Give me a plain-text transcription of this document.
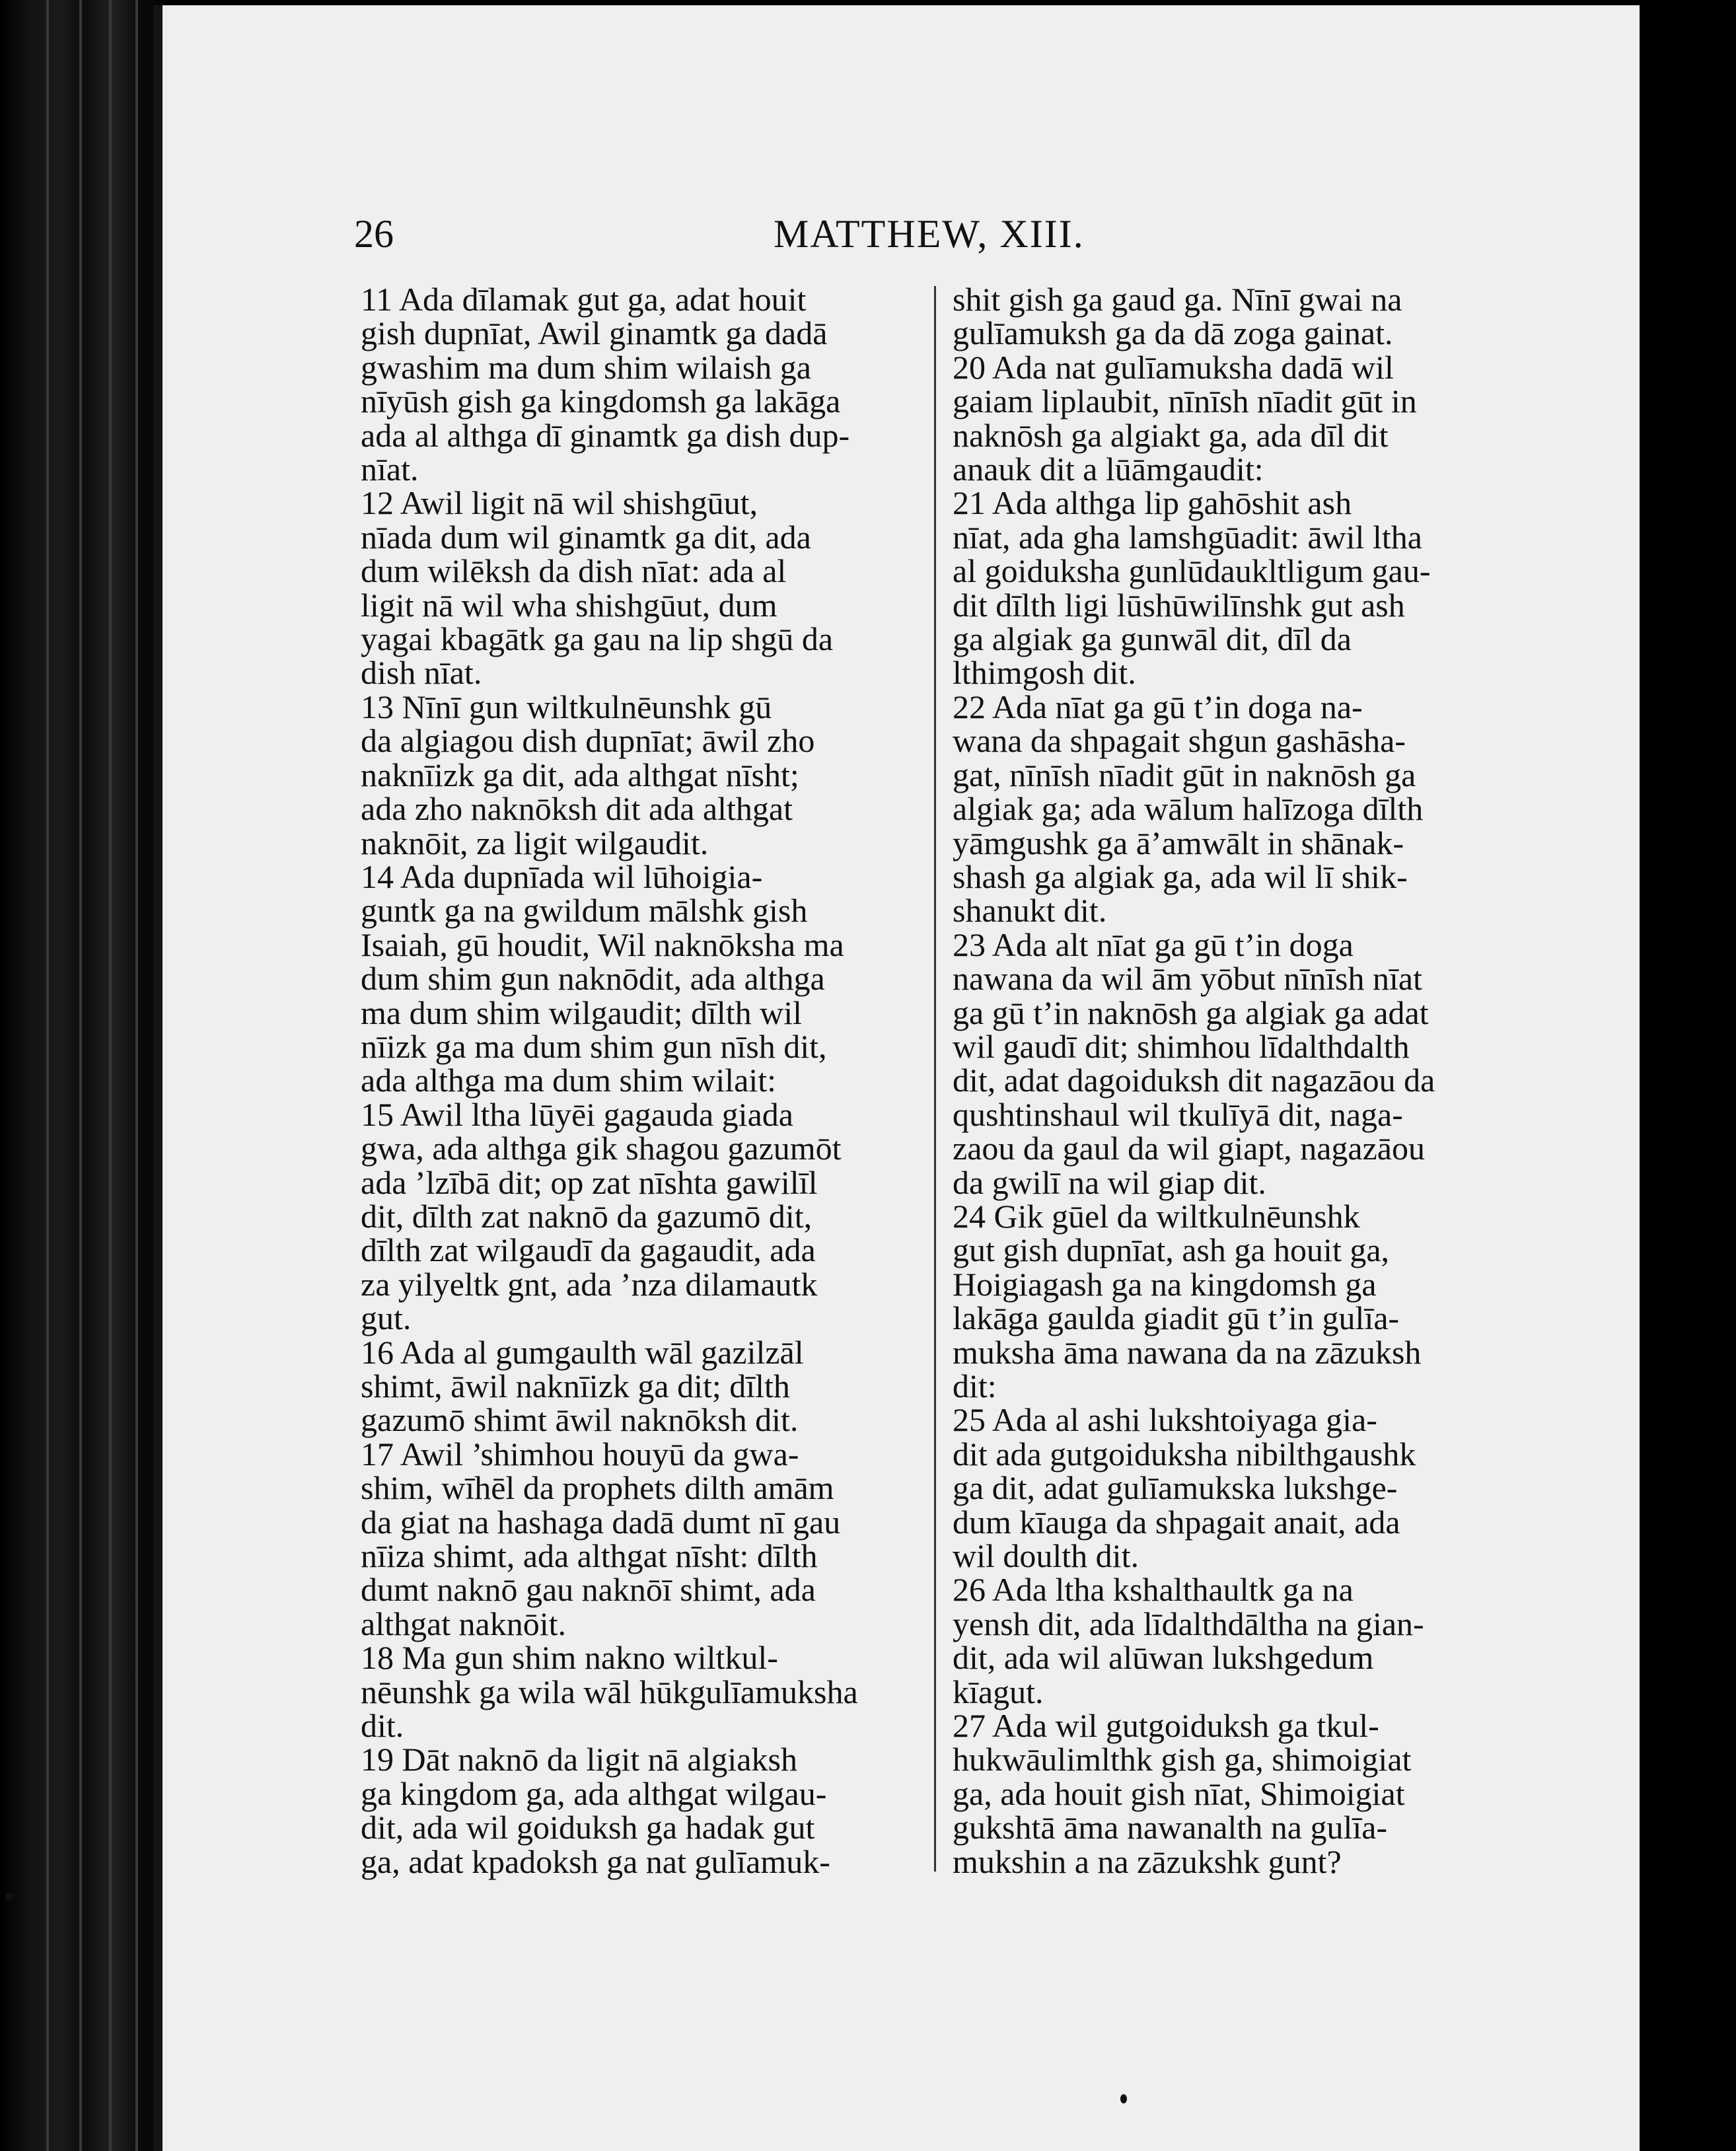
26	MATTHEW, XIII.

11 Ada dīlamak gut ga, adat houit

gish dupnīat, Awil ginamtk ga dadā

gwashim ma dum shim wilaish ga

nīyūsh gish ga kingdomsh ga lakāga

ada al althga dī ginamtk ga dish dup-

nīat.

12 Awil ligit nā wil shishgūut,

nīada dum wil ginamtk ga dit, ada

dum wilēksh da dish nīat: ada al

ligit nā wil wha shishgūut, dum

yagai kbagātk ga gau na lip shgū da

dish nīat.

13 Nīnī gun wiltkulnēunshk gū

da algiagou dish dupnīat; āwil zho

naknīizk ga dit, ada althgat nīsht;

ada zho naknōksh dit ada althgat

naknōit, za ligit wilgaudit.

14 Ada dupnīada wil lūhoigia-

guntk ga na gwildum mālshk gish

Isaiah, gū houdit, Wil naknōksha ma

dum shim gun naknōdit, ada althga

ma dum shim wilgaudit; dīlth wil

nīizk ga ma dum shim gun nīsh dit,

ada althga ma dum shim wilait:

15 Awil ltha lūyēi gagauda giada

gwa, ada althga gik shagou gazumōt

ada ’lzībā dit; op zat nīshta gawilīl

dit, dīlth zat naknō da gazumō dit,

dīlth zat wilgaudī da gagaudit, ada

za yilyeltk gnt, ada ’nza dilamautk

gut.

16 Ada al gumgaulth wāl gazilzāl

shimt, āwil naknīizk ga dit; dīlth

gazumō shimt āwil naknōksh dit.

17 Awil ’shimhou houyū da gwa-

shim, wīhēl da prophets dilth amām

da giat na hashaga dadā dumt nī gau

nīiza shimt, ada althgat nīsht: dīlth

dumt naknō gau naknōī shimt, ada

althgat naknōit.

18 Ma gun shim nakno wiltkul-

nēunshk ga wila wāl hūkgulīamuksha

dit.

19 Dāt naknō da ligit nā algiaksh

ga kingdom ga, ada althgat wilgau-

dit, ada wil goiduksh ga hadak gut

ga, adat kpadoksh ga nat gulīamuk-

shit gish ga gaud ga. Nīnī gwai na

gulīamuksh ga da dā zoga gainat.

20 Ada nat gulīamuksha dadā wil

gaiam liplaubit, nīnīsh nīadit gūt in

naknōsh ga algiakt ga, ada dīl dit

anauk dit a lūāmgaudit:

21 Ada althga lip gahōshit ash

nīat, ada gha lamshgūadit: āwil ltha

al goiduksha gunlūdaukltligum gau-

dit dīlth ligi lūshūwilīnshk gut ash

ga algiak ga gunwāl dit, dīl da

lthimgosh dit.

22 Ada nīat ga gū t’in doga na-

wana da shpagait shgun gashāsha-

gat, nīnīsh nīadit gūt in naknōsh ga

algiak ga; ada wālum halīzoga dīlth

yāmgushk ga ā’amwālt in shānak-

shash ga algiak ga, ada wil lī shik-

shanukt dit.

23 Ada alt nīat ga gū t’in doga

nawana da wil ām yōbut nīnīsh nīat

ga gū t’in naknōsh ga algiak ga adat

wil gaudī dit; shimhou līdalthdalth

dit, adat dagoiduksh dit nagazāou da

qushtinshaul wil tkulīyā dit, naga-

zaou da gaul da wil giapt, nagazāou

da gwilī na wil giap dit.

24 Gik gūel da wiltkulnēunshk

gut gish dupnīat, ash ga houit ga,

Hoigiagash ga na kingdomsh ga

lakāga gaulda giadit gū t’in gulīa-

muksha āma nawana da na zāzuksh

dit:

25 Ada al ashi lukshtoiyaga gia-

dit ada gutgoiduksha nibilthgaushk

ga dit, adat gulīamukska lukshge-

dum kīauga da shpagait anait, ada

wil doulth dit.

26 Ada ltha kshalthaultk ga na

yensh dit, ada līdalthdāltha na gian-

dit, ada wil alūwan lukshgedum

kīagut.

27 Ada wil gutgoiduksh ga tkul-

hukwāulimlthk gish ga, shimoigiat

ga, ada houit gish nīat, Shimoigiat

gukshtā āma nawanalth na gulīa-

mukshin a na zāzukshk gunt?
